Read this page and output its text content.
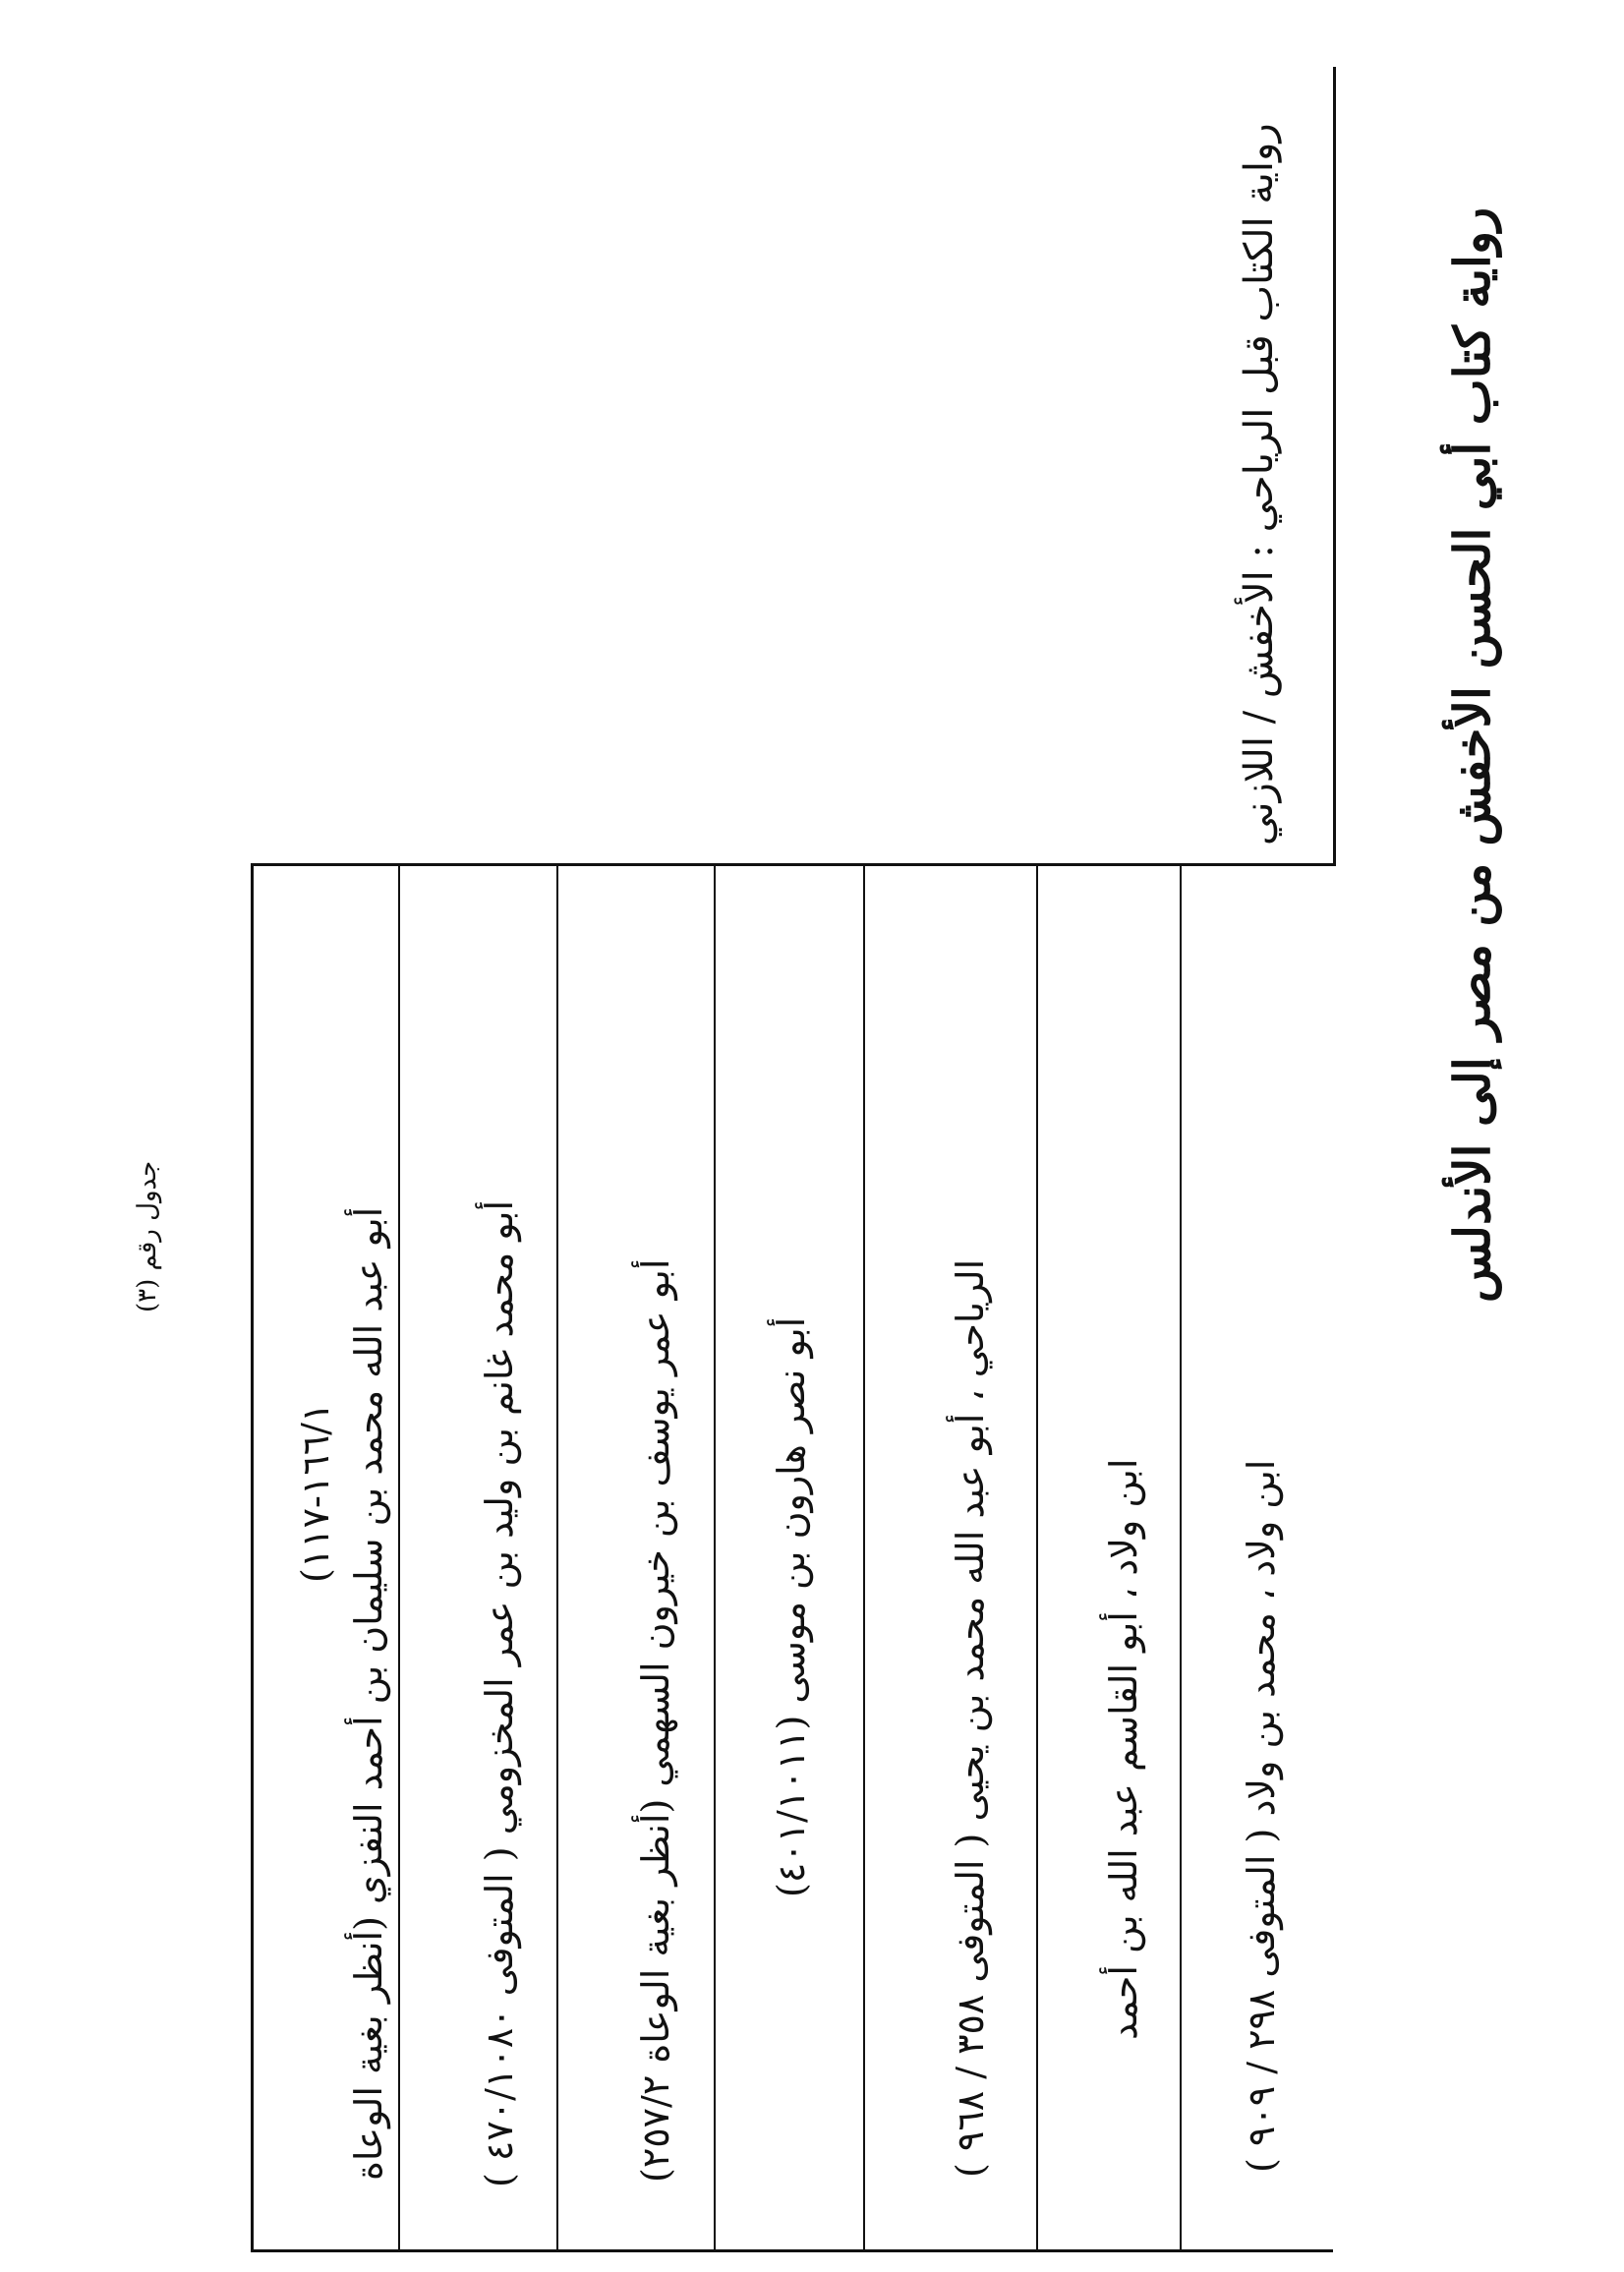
رواية كتاب أبي الحسن الأخفش من مصر إلى الأندلس
رواية الكتاب قبل الرياحي : الأخفش / اللازني
ابن ولاد ، محمد بن ولاد ( المتوفى ٢٩٨ / ٩٠٩ )
ابن ولاد ، أبو القاسم عبد الله بن أحمد
الرياحي ، أبو عبد الله محمد بن يحيى ( المتوفى ٣٥٨ / ٩٦٨ )
أبو نصر هارون بن موسى (٤٠١/١٠١١)
أبو عمر يوسف بن خيرون السهمي (أنظر بغية الوعاة ٢٥٧/٢)
أبو محمد غانم بن وليد بن عمر المخزومي ( المتوفى ٤٧٠/١٠٨٠ )
أبو عبد الله محمد بن سليمان بن أحمد النفزي (أنظر بغية الوعاة
١٦٦/١-١١٧)
جدول رقم (٣)
